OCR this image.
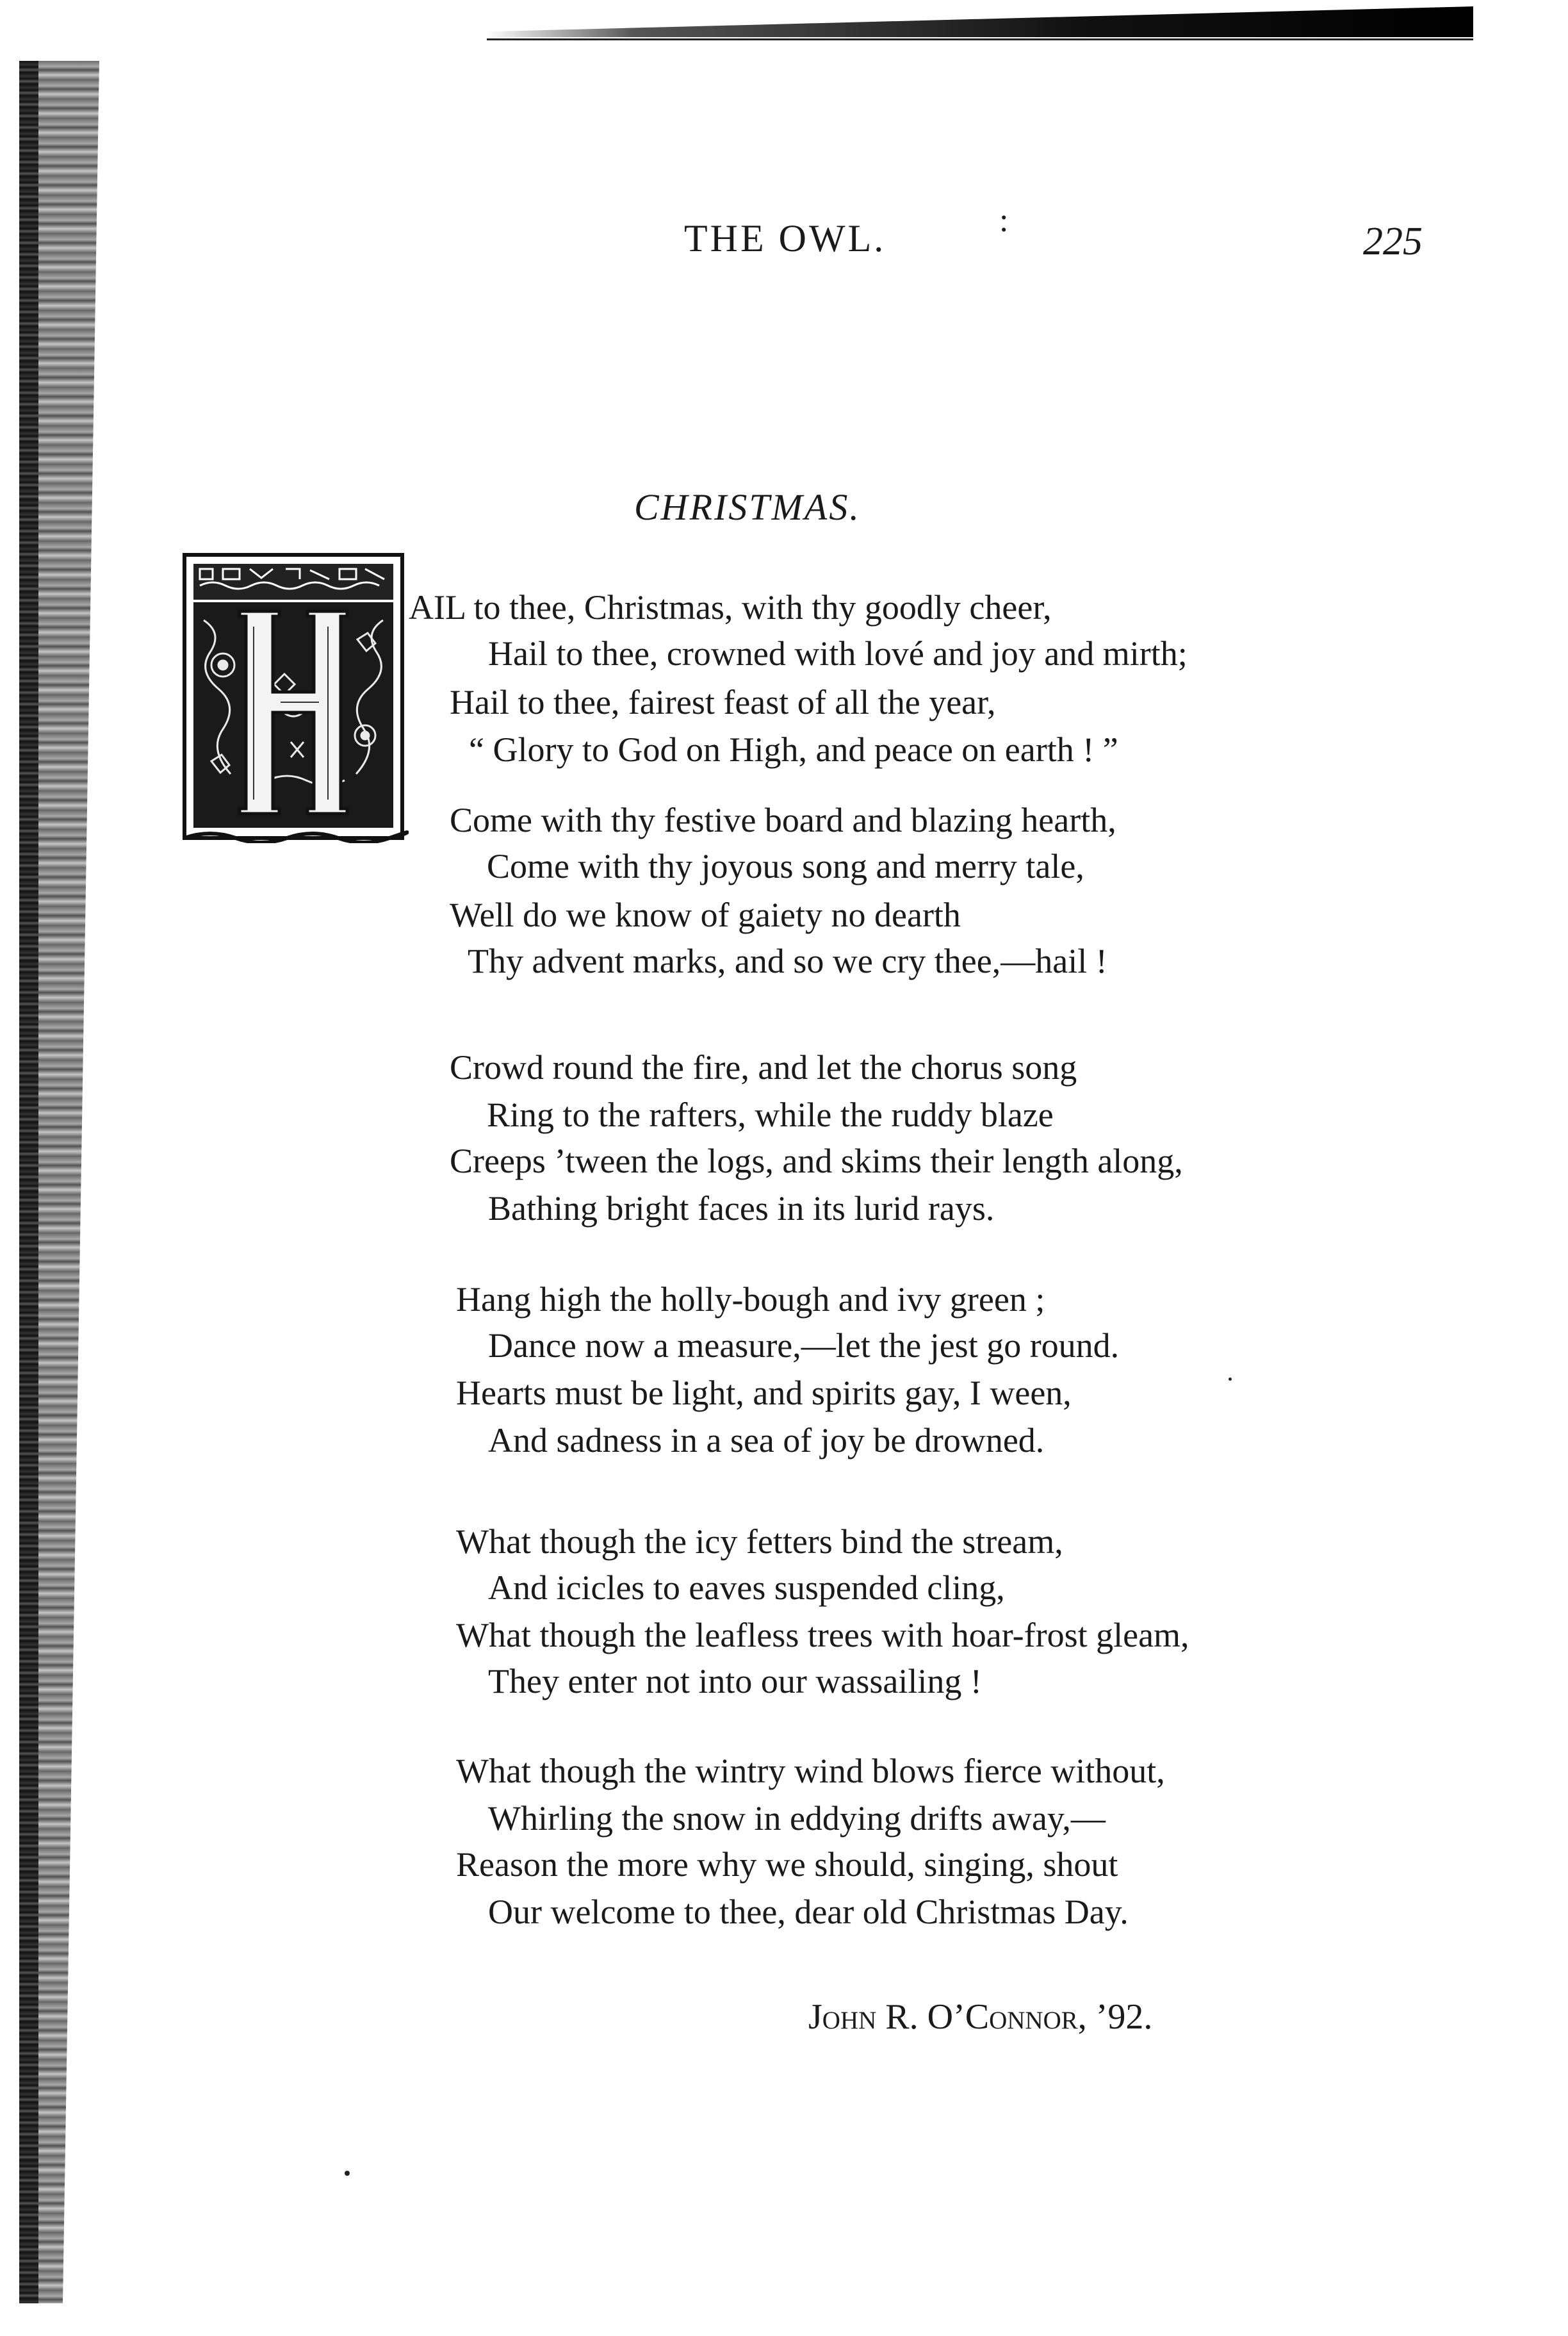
THE OWL.	:	225
CHRISTMAS.
AIL to thee, Christmas, with thy goodly cheer,
Hail to thee, crowned with lové and joy and mirth;
Hail to thee, fairest feast of all the year,
“ Glory to God on High, and peace on earth ! ”
Come with thy festive board and blazing hearth,
Come with thy joyous song and merry tale,
Well do we know of gaiety no dearth
Thy advent marks, and so we cry thee,—hail !
Crowd round the fire, and let the chorus song
Ring to the rafters, while the ruddy blaze
Creeps ’tween the logs, and skims their length along,
Bathing bright faces in its lurid rays.
Hang high the holly-bough and ivy green ;
Dance now a measure,—let the jest go round.
Hearts must be light, and spirits gay, I ween,
And sadness in a sea of joy be drowned.
What though the icy fetters bind the stream,
And icicles to eaves suspended cling,
What though the leafless trees with hoar-frost gleam,
They enter not into our wassailing !
What though the wintry wind blows fierce without,
Whirling the snow in eddying drifts away,—
Reason the more why we should, singing, shout
Our welcome to thee, dear old Christmas Day.
John R. O’Connor, ’92.
